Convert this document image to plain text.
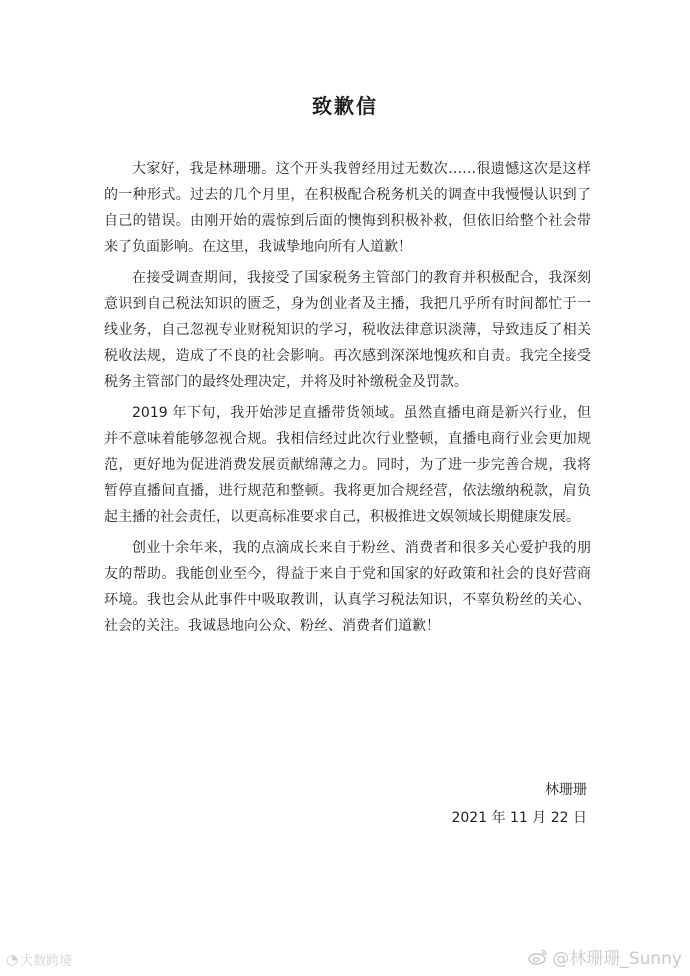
致歉信

大家好，我是林珊珊。这个开头我曾经用过无数次……很遗憾这次是这样的一种形式。过去的几个月里，在积极配合税务机关的调查中我慢慢认识到了自己的错误。由刚开始的震惊到后面的懊悔到积极补救，但依旧给整个社会带来了负面影响。在这里，我诚挚地向所有人道歉！

在接受调查期间，我接受了国家税务主管部门的教育并积极配合，我深刻意识到自己税法知识的匮乏，身为创业者及主播，我把几乎所有时间都忙于一线业务，自己忽视专业财税知识的学习，税收法律意识淡薄，导致违反了相关税收法规，造成了不良的社会影响。再次感到深深地愧疚和自责。我完全接受税务主管部门的最终处理决定，并将及时补缴税金及罚款。

2019 年下旬，我开始涉足直播带货领域。虽然直播电商是新兴行业，但并不意味着能够忽视合规。我相信经过此次行业整顿，直播电商行业会更加规范，更好地为促进消费发展贡献绵薄之力。同时，为了进一步完善合规，我将暂停直播间直播，进行规范和整顿。我将更加合规经营，依法缴纳税款，肩负起主播的社会责任，以更高标准要求自己，积极推进文娱领域长期健康发展。

创业十余年来，我的点滴成长来自于粉丝、消费者和很多关心爱护我的朋友的帮助。我能创业至今，得益于来自于党和国家的好政策和社会的良好营商环境。我也会从此事件中吸取教训，认真学习税法知识，不辜负粉丝的关心、社会的关注。我诚恳地向公众、粉丝、消费者们道歉！

林珊珊
2021 年 11 月 22 日
◔ 大数跨境	@林珊珊_Sunny
